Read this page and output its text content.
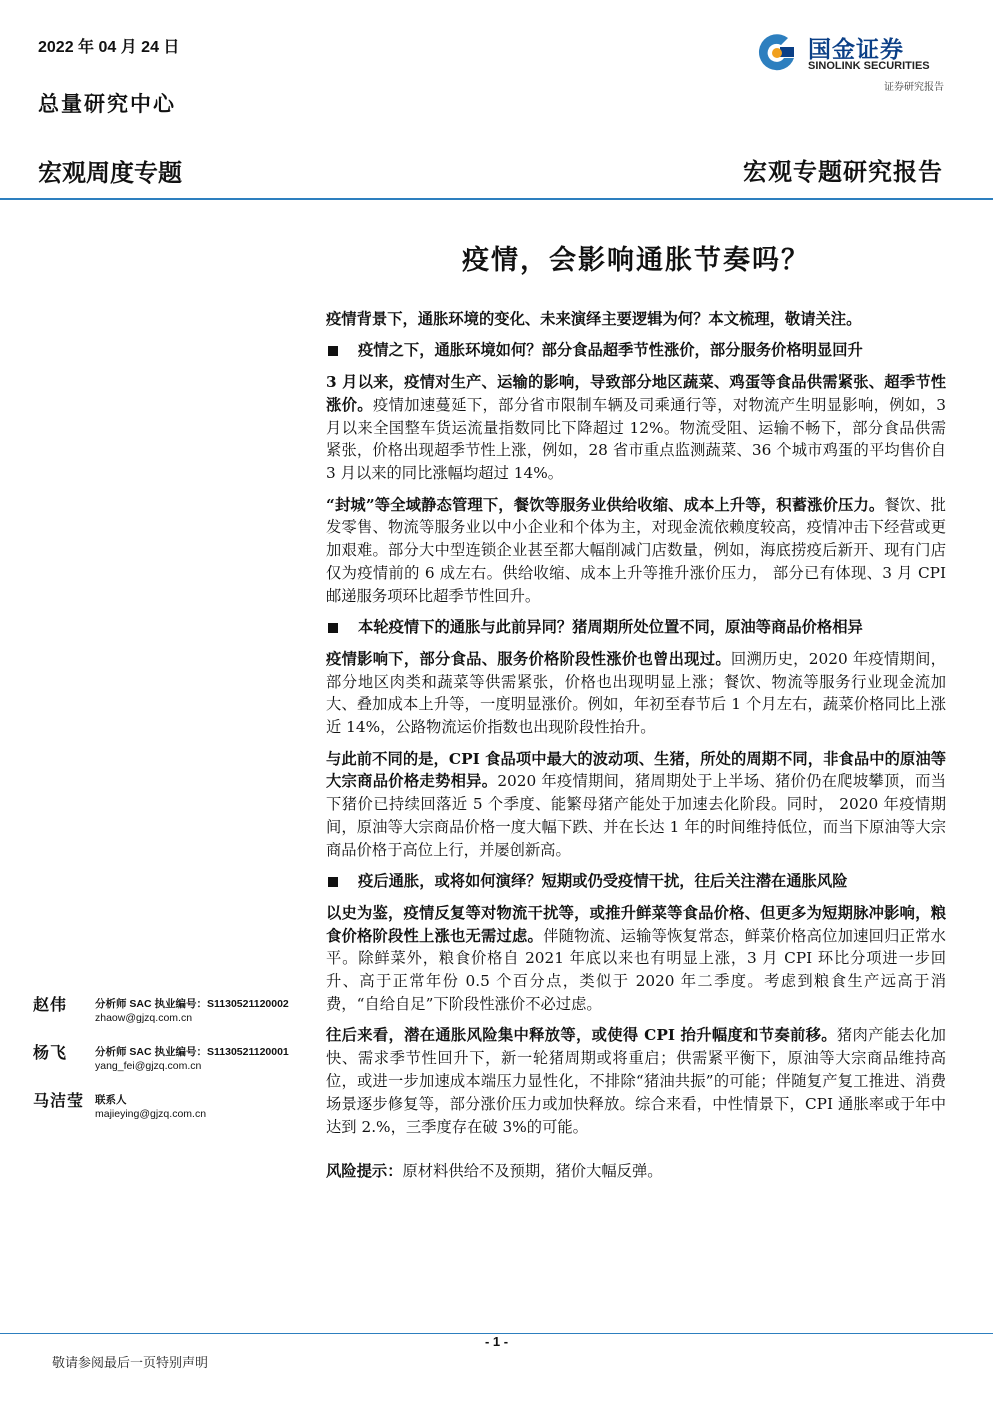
2022 年 04 月 24 日
总量研究中心
宏观周度专题	宏观专题研究报告
国金证券
SINOLINK SECURITIES
证券研究报告
疫情，会影响通胀节奏吗？

疫情背景下，通胀环境的变化、未来演绎主要逻辑为何？本文梳理，敬请关注。

疫情之下，通胀环境如何？部分食品超季节性涨价，部分服务价格明显回升

3 月以来，疫情对生产、运输的影响，导致部分地区蔬菜、鸡蛋等食品供需紧张、超季节性涨价。疫情加速蔓延下，部分省市限制车辆及司乘通行等，对物流产生明显影响，例如，3 月以来全国整车货运流量指数同比下降超过 12%。物流受阻、运输不畅下，部分食品供需紧张，价格出现超季节性上涨，例如，28 省市重点监测蔬菜、36 个城市鸡蛋的平均售价自 3 月以来的同比涨幅均超过 14%。

“封城”等全域静态管理下，餐饮等服务业供给收缩、成本上升等，积蓄涨价压力。餐饮、批发零售、物流等服务业以中小企业和个体为主，对现金流依赖度较高，疫情冲击下经营或更加艰难。部分大中型连锁企业甚至都大幅削减门店数量，例如，海底捞疫后新开、现有门店仅为疫情前的 6 成左右。供给收缩、成本上升等推升涨价压力， 部分已有体现、3 月 CPI 邮递服务项环比超季节性回升。

本轮疫情下的通胀与此前异同？猪周期所处位置不同，原油等商品价格相异

疫情影响下，部分食品、服务价格阶段性涨价也曾出现过。回溯历史，2020 年疫情期间，部分地区肉类和蔬菜等供需紧张，价格也出现明显上涨；餐饮、物流等服务行业现金流加大、叠加成本上升等，一度明显涨价。例如，年初至春节后 1 个月左右，蔬菜价格同比上涨近 14%，公路物流运价指数也出现阶段性抬升。

与此前不同的是，CPI 食品项中最大的波动项、生猪，所处的周期不同，非食品中的原油等大宗商品价格走势相异。2020 年疫情期间，猪周期处于上半场、猪价仍在爬坡攀顶，而当下猪价已持续回落近 5 个季度、能繁母猪产能处于加速去化阶段。同时， 2020 年疫情期间，原油等大宗商品价格一度大幅下跌、并在长达 1 年的时间维持低位，而当下原油等大宗商品价格于高位上行，并屡创新高。

疫后通胀，或将如何演绎？短期或仍受疫情干扰，往后关注潜在通胀风险

以史为鉴，疫情反复等对物流干扰等，或推升鲜菜等食品价格、但更多为短期脉冲影响，粮食价格阶段性上涨也无需过虑。伴随物流、运输等恢复常态，鲜菜价格高位加速回归正常水平。除鲜菜外，粮食价格自 2021 年底以来也有明显上涨，3 月 CPI 环比分项进一步回升、高于正常年份 0.5 个百分点，类似于 2020 年二季度。考虑到粮食生产远高于消费，“自给自足”下阶段性涨价不必过虑。

往后来看，潜在通胀风险集中释放等，或使得 CPI 抬升幅度和节奏前移。猪肉产能去化加快、需求季节性回升下，新一轮猪周期或将重启；供需紧平衡下，原油等大宗商品维持高位，或进一步加速成本端压力显性化，不排除“猪油共振”的可能；伴随复产复工推进、消费场景逐步修复等，部分涨价压力或加快释放。综合来看，中性情景下，CPI 通胀率或于年中达到 2.%，三季度存在破 3%的可能。

风险提示：原材料供给不及预期，猪价大幅反弹。

赵伟	分析师 SAC 执业编号：S1130521120002
zhaow@gjzq.com.cn
杨飞	分析师 SAC 执业编号：S1130521120001
yang_fei@gjzq.com.cn
马洁莹 联系人
majieying@gjzq.com.cn
- 1 -
敬请参阅最后一页特别声明
